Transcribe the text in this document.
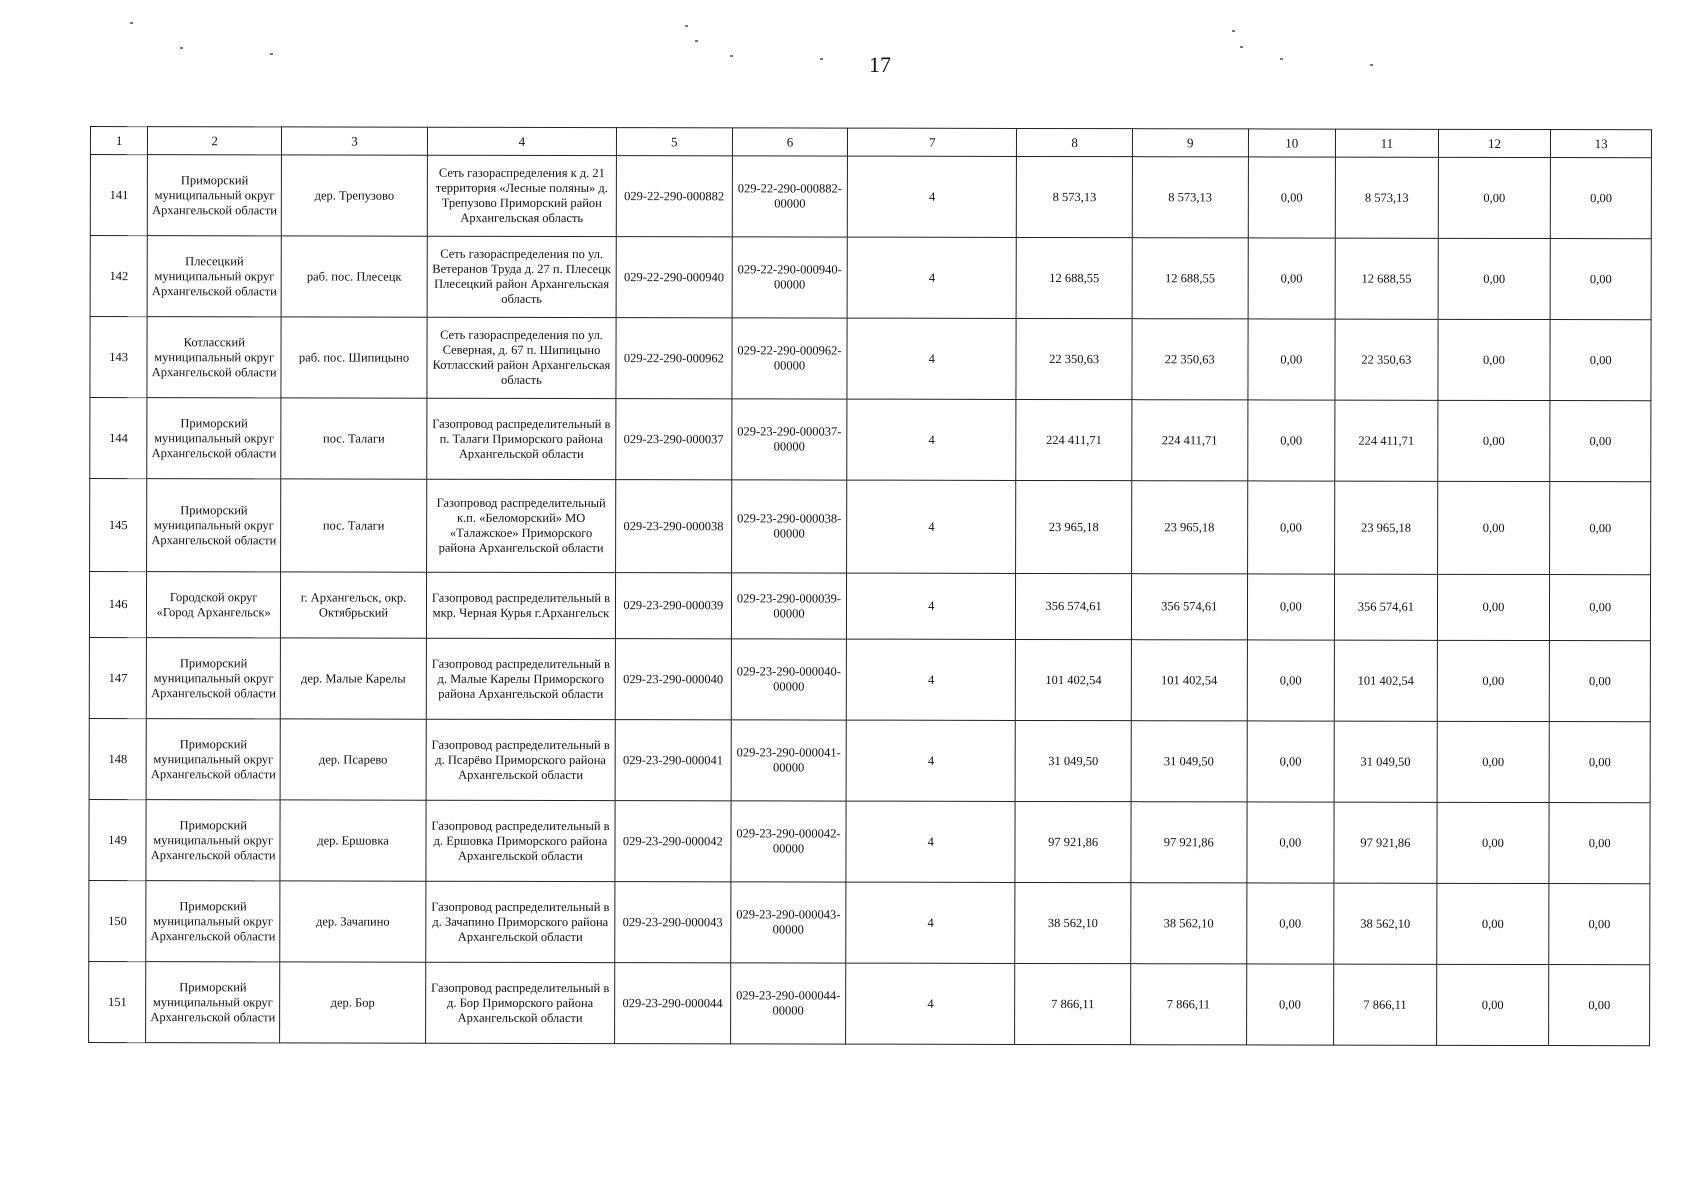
17
1	2	3	4	5	6	7	8	9	10	11	12	13
141	Приморский муниципальный округ Архангельской области	дер. Трепузово	Сеть газораспределения к д. 21 территория «Лесные поляны» д. Трепузово Приморский район Архангельская область	029-22-290-000882	029-22-290-000882-00000	4	8 573,13	8 573,13	0,00	8 573,13	0,00	0,00
142	Плесецкий муниципальный округ Архангельской области	раб. пос. Плесецк	Сеть газораспределения по ул. Ветеранов Труда д. 27 п. Плесецк Плесецкий район Архангельская область	029-22-290-000940	029-22-290-000940-00000	4	12 688,55	12 688,55	0,00	12 688,55	0,00	0,00
143	Котласский муниципальный округ Архангельской области	раб. пос. Шипицыно	Сеть газораспределения по ул. Северная, д. 67 п. Шипицыно Котласский район Архангельская область	029-22-290-000962	029-22-290-000962-00000	4	22 350,63	22 350,63	0,00	22 350,63	0,00	0,00
144	Приморский муниципальный округ Архангельской области	пос. Талаги	Газопровод распределительный в п. Талаги Приморского района Архангельской области	029-23-290-000037	029-23-290-000037-00000	4	224 411,71	224 411,71	0,00	224 411,71	0,00	0,00
145	Приморский муниципальный округ Архангельской области	пос. Талаги	Газопровод распределительный к.п. «Беломорский» МО «Талажское» Приморского района Архангельской области	029-23-290-000038	029-23-290-000038-00000	4	23 965,18	23 965,18	0,00	23 965,18	0,00	0,00
146	Городской округ «Город Архангельск»	г. Архангельск, окр. Октябрьский	Газопровод распределительный в мкр. Черная Курья г.Архангельск	029-23-290-000039	029-23-290-000039-00000	4	356 574,61	356 574,61	0,00	356 574,61	0,00	0,00
147	Приморский муниципальный округ Архангельской области	дер. Малые Карелы	Газопровод распределительный в д. Малые Карелы Приморского района Архангельской области	029-23-290-000040	029-23-290-000040-00000	4	101 402,54	101 402,54	0,00	101 402,54	0,00	0,00
148	Приморский муниципальный округ Архангельской области	дер. Псарево	Газопровод распределительный в д. Псарёво Приморского района Архангельской области	029-23-290-000041	029-23-290-000041-00000	4	31 049,50	31 049,50	0,00	31 049,50	0,00	0,00
149	Приморский муниципальный округ Архангельской области	дер. Ершовка	Газопровод распределительный в д. Ершовка Приморского района Архангельской области	029-23-290-000042	029-23-290-000042-00000	4	97 921,86	97 921,86	0,00	97 921,86	0,00	0,00
150	Приморский муниципальный округ Архангельской области	дер. Зачапино	Газопровод распределительный в д. Зачапино Приморского района Архангельской области	029-23-290-000043	029-23-290-000043-00000	4	38 562,10	38 562,10	0,00	38 562,10	0,00	0,00
151	Приморский муниципальный округ Архангельской области	дер. Бор	Газопровод распределительный в д. Бор Приморского района Архангельской области	029-23-290-000044	029-23-290-000044-00000	4	7 866,11	7 866,11	0,00	7 866,11	0,00	0,00
